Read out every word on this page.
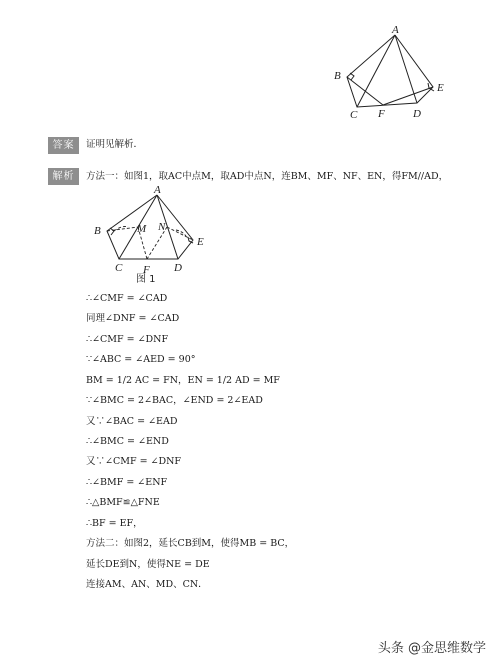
A
B
C F	D
E
答案	证明见解析．
解析	方法一：如图1，取AC中点M，取AD中点N，连BM、MF、NF、EN，得FM//AD，
A
B	M N
E
C F D
图 1
∴∠CMF = ∠CAD
同理∠DNF = ∠CAD
∴∠CMF = ∠DNF
∵∠ABC = ∠AED = 90°
BM = 1/2 AC = FN，EN = 1/2 AD = MF
∵∠BMC = 2∠BAC，∠END = 2∠EAD
又∵∠BAC = ∠EAD
∴∠BMC = ∠END
又∵∠CMF = ∠DNF
∴∠BMF = ∠ENF
∴△BMF≌△FNE
∴BF = EF，
方法二：如图2，延长CB到M，使得MB = BC，
延长DE到N，使得NE = DE
连接AM、AN、MD、CN．
头条 @金思维数学
